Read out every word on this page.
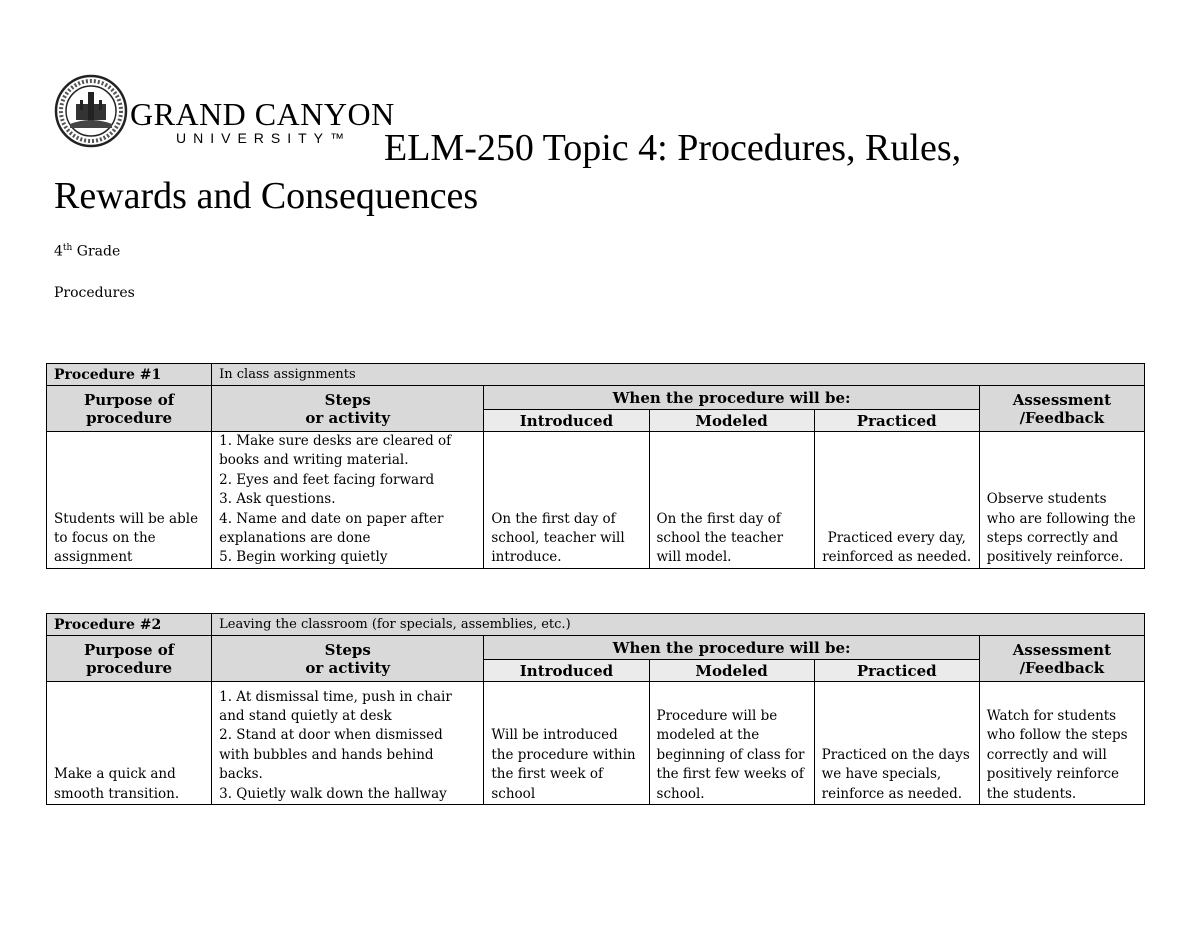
GRAND CANYON
UNIVERSITY™ ELM-250 Topic 4: Procedures, Rules,
Rewards and Consequences
4th Grade
Procedures
Procedure #1	In class assignments				
Purpose of
procedure	Steps
or activity	When the procedure will be:			Assessment
/Feedback
		Introduced	Modeled	Practiced	
Students will be able to focus on the assignment	1. Make sure desks are cleared of books and writing material.
2. Eyes and feet facing forward
3. Ask questions.
4. Name and date on paper after explanations are done
5. Begin working quietly	On the first day of school, teacher will introduce.	On the first day of school the teacher will model.	Practiced every day, reinforced as needed.	Observe students who are following the steps correctly and positively reinforce.
Procedure #2	Leaving the classroom (for specials, assemblies, etc.)				
Purpose of
procedure	Steps
or activity	When the procedure will be:			Assessment
/Feedback
		Introduced	Modeled	Practiced	
Make a quick and smooth transition.	1. At dismissal time, push in chair and stand quietly at desk
2. Stand at door when dismissed with bubbles and hands behind backs.
3. Quietly walk down the hallway	Will be introduced the procedure within the first week of school	Procedure will be modeled at the beginning of class for the first few weeks of school.	Practiced on the days we have specials, reinforce as needed.	Watch for students who follow the steps correctly and will positively reinforce the students.
